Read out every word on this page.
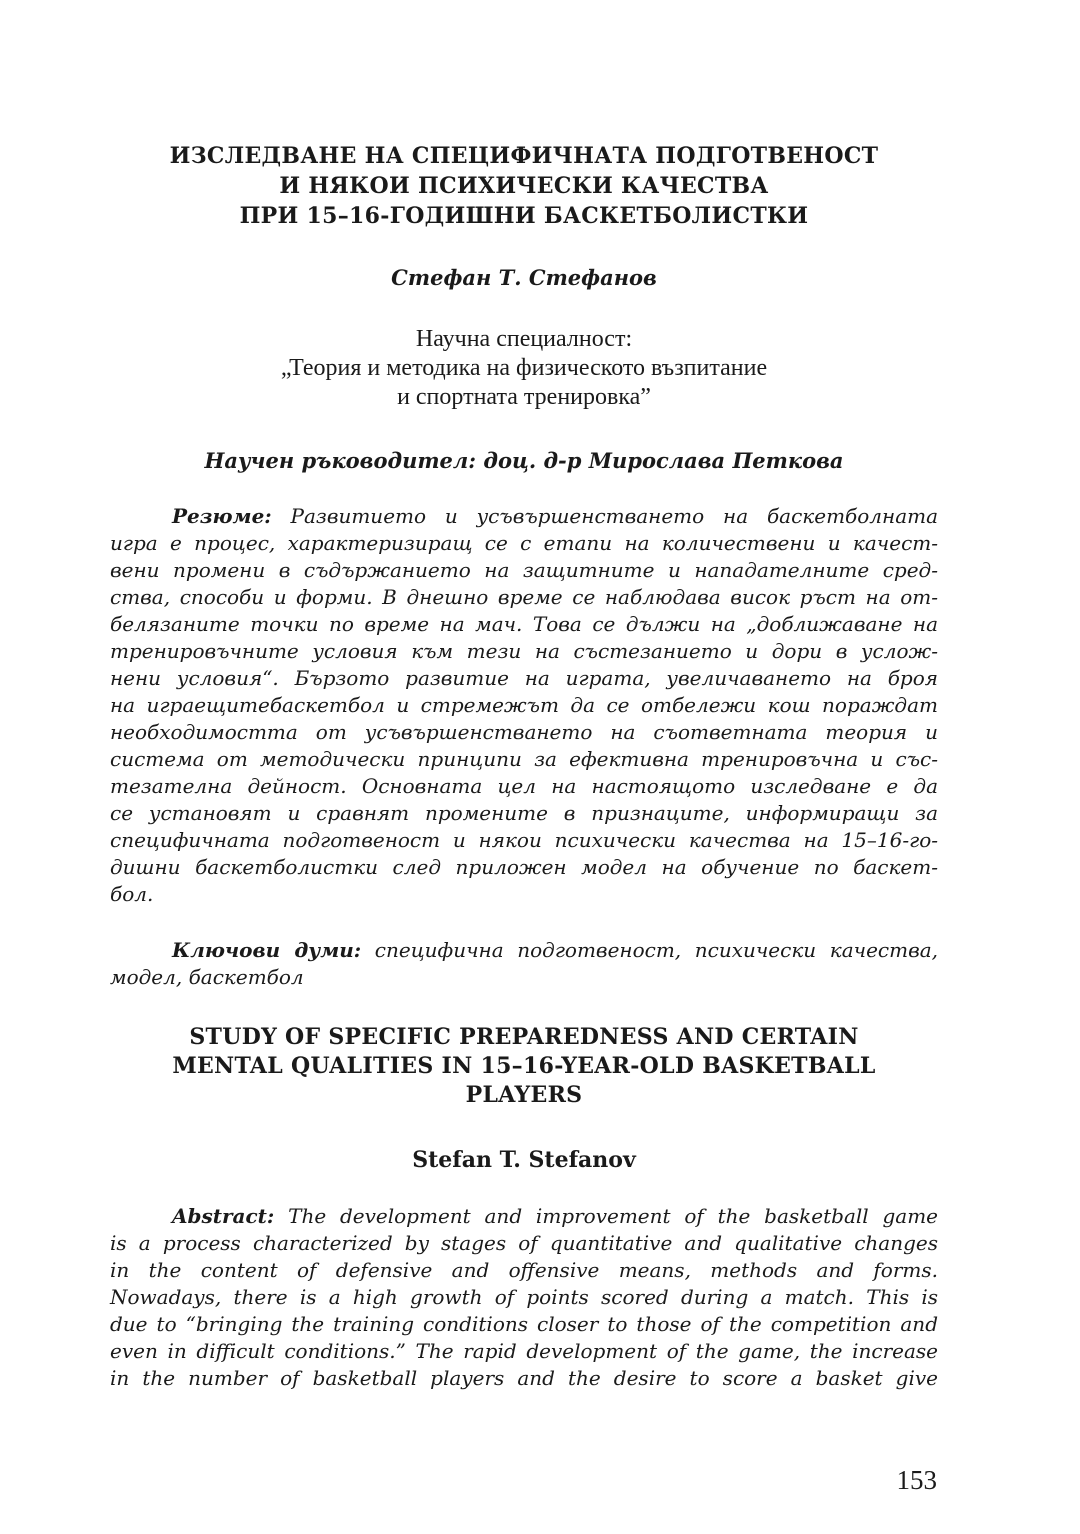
ИЗСЛЕДВАНЕ НА СПЕЦИФИЧНАТА ПОДГОТВЕНОСТ
И НЯКОИ ПСИХИЧЕСКИ КАЧЕСТВА
ПРИ 15–16-ГОДИШНИ БАСКЕТБОЛИСТКИ
Стефан Т. Стефанов
Научна специалност:
„Теория и методика на физическото възпитание
и спортната тренировка”
Научен ръководител: доц. д-р Мирослава Петкова
Резюме: Развитието и усъвършенстването на баскетболната
игра е процес, характеризиращ се с етапи на количествени и качест-
вени промени в съдържанието на защитните и нападателните сред-
ства, способи и форми. В днешно време се наблюдава висок ръст на от-
белязаните точки по време на мач. Това се дължи на „доближаване на
тренировъчните условия към тези на състезанието и дори в услож-
нени условия“. Бързото развитие на играта, увеличаването на броя
на играещитебаскетбол и стремежът да се отбележи кош пораждат
необходимостта от усъвършенстването на съответната теория и
система от методически принципи за ефективна тренировъчна и със-
тезателна дейност. Основната цел на настоящото изследване е да
се установят и сравнят промените в признаците, информиращи за
специфичната подготвеност и някои психически качества на 15–16-го-
дишни баскетболистки след приложен модел на обучение по баскет-
бол.
Ключови думи: специфична подготвеност, психически качества,
модел, баскетбол
STUDY OF SPECIFIC PREPAREDNESS AND CERTAIN
MENTAL QUALITIES IN 15–16-YEAR-OLD BASKETBALL
PLAYERS
Stefan T. Stefanov
Abstract: The development and improvement of the basketball game
is a process characterized by stages of quantitative and qualitative changes
in the content of defensive and offensive means, methods and forms.
Nowadays, there is a high growth of points scored during a match. This is
due to “bringing the training conditions closer to those of the competition and
even in difficult conditions.” The rapid development of the game, the increase
in the number of basketball players and the desire to score a basket give
153
